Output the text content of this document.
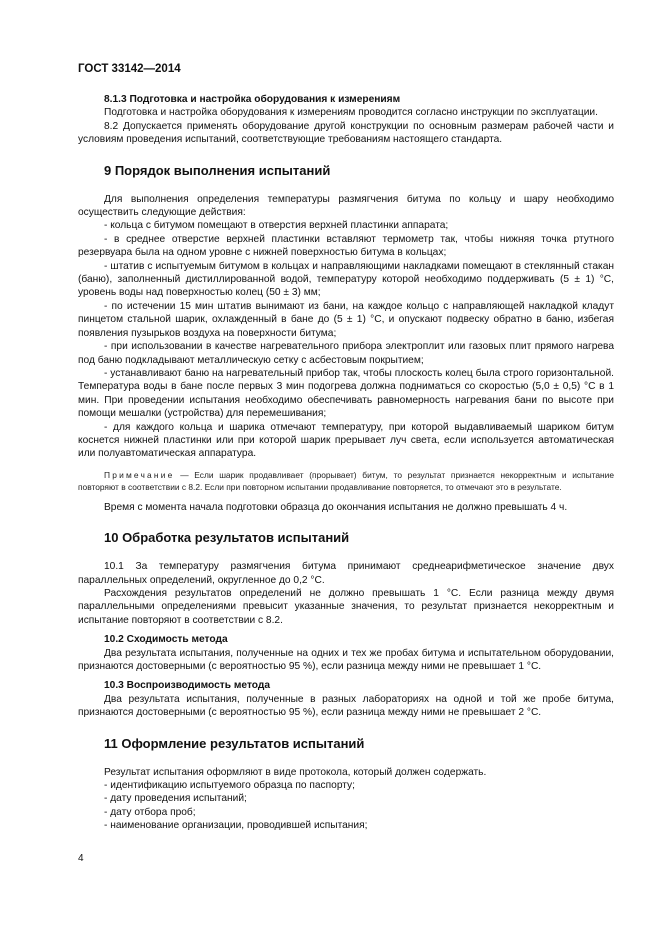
ГОСТ 33142—2014

8.1.3 Подготовка и настройка оборудования к измерениям

Подготовка и настройка оборудования к измерениям проводится согласно инструкции по эксплуатации.

8.2 Допускается применять оборудование другой конструкции по основным размерам рабочей части и условиям проведения испытаний, соответствующие требованиям настоящего стандарта.

9 Порядок выполнения испытаний

Для выполнения определения температуры размягчения битума по кольцу и шару необходимо осуществить следующие действия:

- кольца с битумом помещают в отверстия верхней пластинки аппарата;

- в среднее отверстие верхней пластинки вставляют термометр так, чтобы нижняя точка ртутного резервуара была на одном уровне с нижней поверхностью битума в кольцах;

- штатив с испытуемым битумом в кольцах и направляющими накладками помещают в стеклянный стакан (баню), заполненный дистиллированной водой, температуру которой необходимо поддерживать (5 ± 1) °С, уровень воды над поверхностью колец (50 ± 3) мм;

- по истечении 15 мин штатив вынимают из бани, на каждое кольцо с направляющей накладкой кладут пинцетом стальной шарик, охлажденный в бане до (5 ± 1) °С, и опускают подвеску обратно в баню, избегая появления пузырьков воздуха на поверхности битума;

- при использовании в качестве нагревательного прибора электроплит или газовых плит прямого нагрева под баню подкладывают металлическую сетку с асбестовым покрытием;

- устанавливают баню на нагревательный прибор так, чтобы плоскость колец была строго горизонтальной. Температура воды в бане после первых 3 мин подогрева должна подниматься со скоростью (5,0 ± 0,5) °С в 1 мин. При проведении испытания необходимо обеспечивать равномерность нагревания бани по высоте при помощи мешалки (устройства) для перемешивания;

- для каждого кольца и шарика отмечают температуру, при которой выдавливаемый шариком битум коснется нижней пластинки или при которой шарик прерывает луч света, если используется автоматическая или полуавтоматическая аппаратура.

Примечание — Если шарик продавливает (прорывает) битум, то результат признается некорректным и испытание повторяют в соответствии с 8.2. Если при повторном испытании продавливание повторяется, то отмечают это в результате.

Время с момента начала подготовки образца до окончания испытания не должно превышать 4 ч.

10 Обработка результатов испытаний

10.1 За температуру размягчения битума принимают среднеарифметическое значение двух параллельных определений, округленное до 0,2 °С.

Расхождения результатов определений не должно превышать 1 °С. Если разница между двумя параллельными определениями превысит указанные значения, то результат признается некорректным и испытание повторяют в соответствии с 8.2.

10.2 Сходимость метода

Два результата испытания, полученные на одних и тех же пробах битума и испытательном оборудовании, признаются достоверными (с вероятностью 95 %), если разница между ними не превышает 1 °С.

10.3 Воспроизводимость метода

Два результата испытания, полученные в разных лабораториях на одной и той же пробе битума, признаются достоверными (с вероятностью 95 %), если разница между ними не превышает 2 °С.

11 Оформление результатов испытаний

Результат испытания оформляют в виде протокола, который должен содержать.

- идентификацию испытуемого образца по паспорту;

- дату проведения испытаний;

- дату отбора проб;

- наименование организации, проводившей испытания;

4
